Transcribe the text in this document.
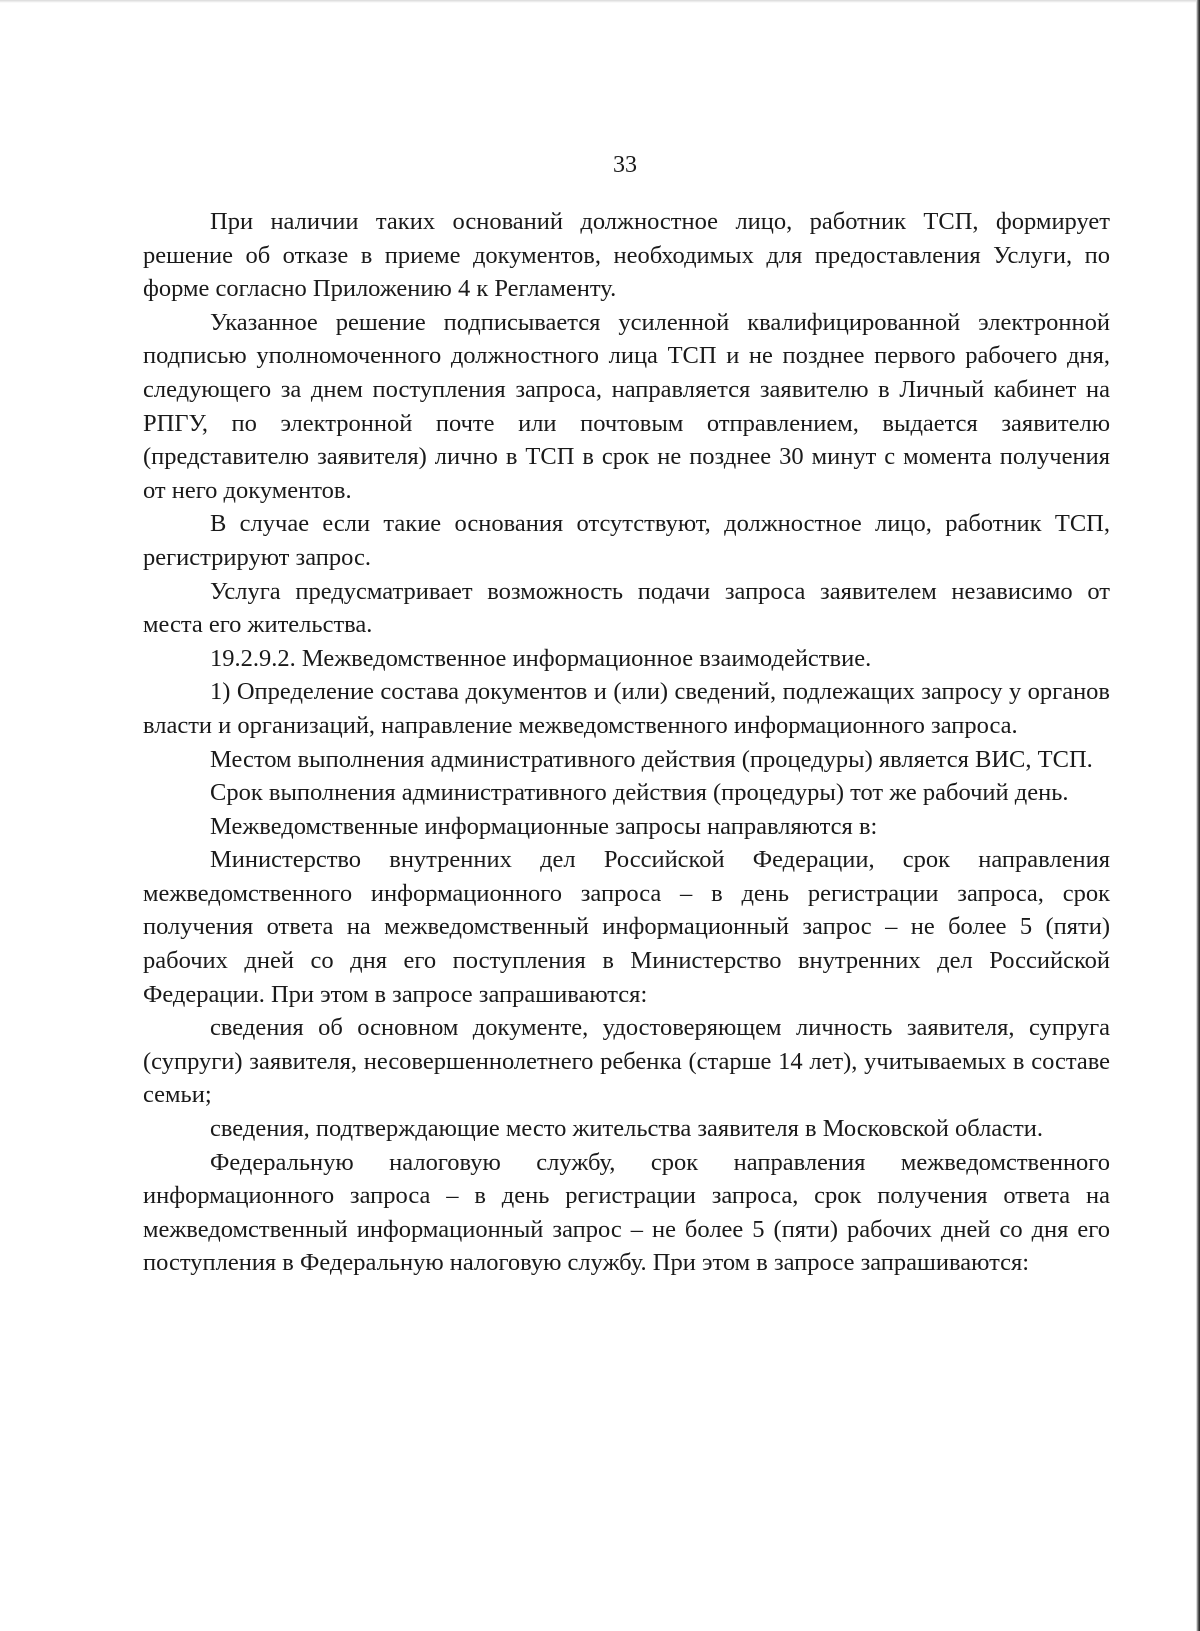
33

При наличии таких оснований должностное лицо, работник ТСП, формирует решение об отказе в приеме документов, необходимых для предоставления Услуги, по форме согласно Приложению 4 к Регламенту.

Указанное решение подписывается усиленной квалифицированной электронной подписью уполномоченного должностного лица ТСП и не позднее первого рабочего дня, следующего за днем поступления запроса, направляется заявителю в Личный кабинет на РПГУ, по электронной почте или почтовым отправлением, выдается заявителю (представителю заявителя) лично в ТСП в срок не позднее 30 минут с момента получения от него документов.

В случае если такие основания отсутствуют, должностное лицо, работник ТСП, регистрируют запрос.

Услуга предусматривает возможность подачи запроса заявителем независимо от места его жительства.

19.2.9.2. Межведомственное информационное взаимодействие.

1) Определение состава документов и (или) сведений, подлежащих запросу у органов власти и организаций, направление межведомственного информационного запроса.

Местом выполнения административного действия (процедуры) является ВИС, ТСП.

Срок выполнения административного действия (процедуры) тот же рабочий день.

Межведомственные информационные запросы направляются в:

Министерство внутренних дел Российской Федерации, срок направления межведомственного информационного запроса – в день регистрации запроса, срок получения ответа на межведомственный информационный запрос – не более 5 (пяти) рабочих дней со дня его поступления в Министерство внутренних дел Российской Федерации. При этом в запросе запрашиваются:

сведения об основном документе, удостоверяющем личность заявителя, супруга (супруги) заявителя, несовершеннолетнего ребенка (старше 14 лет), учитываемых в составе семьи;

сведения, подтверждающие место жительства заявителя в Московской области.

Федеральную налоговую службу, срок направления межведомственного информационного запроса – в день регистрации запроса, срок получения ответа на межведомственный информационный запрос – не более 5 (пяти) рабочих дней со дня его поступления в Федеральную налоговую службу. При этом в запросе запрашиваются:
